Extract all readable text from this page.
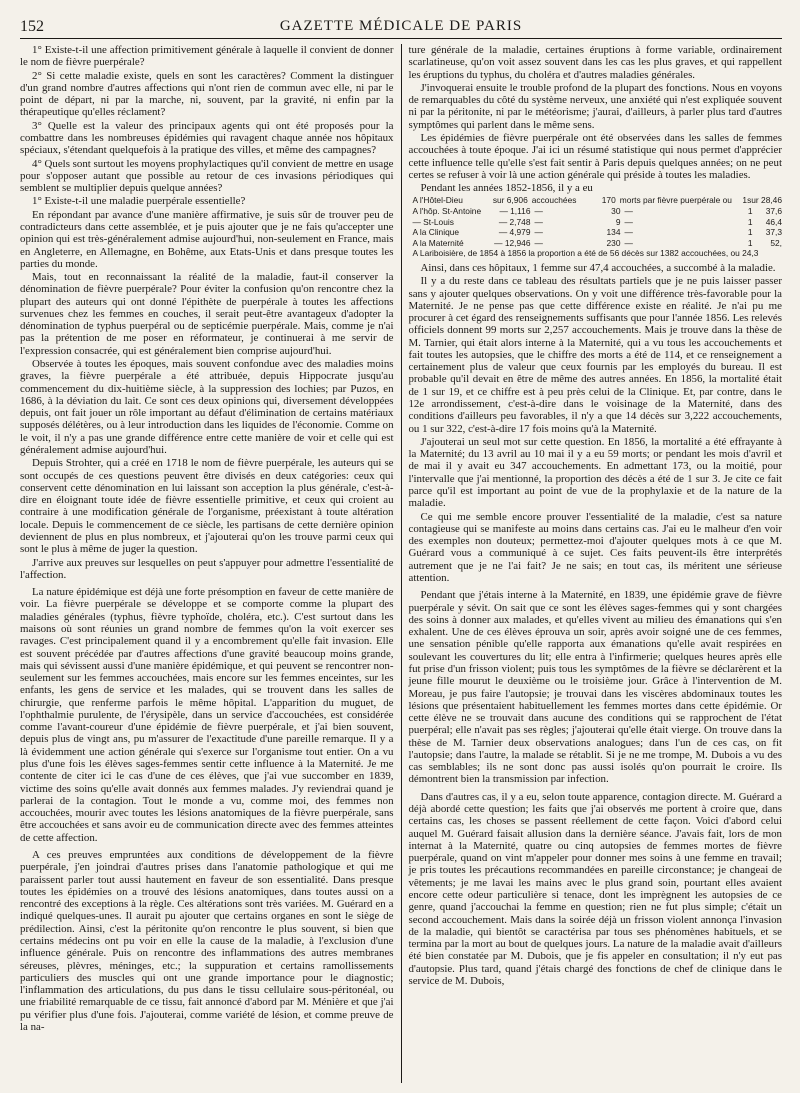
152	GAZETTE MÉDICALE DE PARIS

1° Existe-t-il une affection primitivement générale à laquelle il convient de donner le nom de fièvre puerpérale?

2° Si cette maladie existe, quels en sont les caractères? Comment la distinguer d'un grand nombre d'autres affections qui n'ont rien de commun avec elle, ni par le point de départ, ni par la marche, ni, souvent, par la gravité, ni enfin par la thérapeutique qu'elles réclament?

3° Quelle est la valeur des principaux agents qui ont été proposés pour la combattre dans les nombreuses épidémies qui ravagent chaque année nos hôpitaux spéciaux, s'étendant quelquefois à la pratique des villes, et même des campagnes?

4° Quels sont surtout les moyens prophylactiques qu'il convient de mettre en usage pour s'opposer autant que possible au retour de ces invasions périodiques qui semblent se multiplier depuis quelque années?

1° Existe-t-il une maladie puerpérale essentielle?

En répondant par avance d'une manière affirmative, je suis sûr de trouver peu de contradicteurs dans cette assemblée, et je puis ajouter que je ne fais qu'accepter une opinion qui est très-généralement admise aujourd'hui, non-seulement en France, mais en Angleterre, en Allemagne, en Bohême, aux Etats-Unis et dans presque toutes les parties du monde.

Mais, tout en reconnaissant la réalité de la maladie, faut-il conserver la dénomination de fièvre puerpérale? Pour éviter la confusion qu'on rencontre chez la plupart des auteurs qui ont donné l'épithète de puerpérale à toutes les affections survenues chez les femmes en couches, il serait peut-être avantageux d'adopter la dénomination de typhus puerpéral ou de septicémie puerpérale. Mais, comme je n'ai pas la prétention de me poser en réformateur, je continuerai à me servir de l'expression consacrée, qui est généralement bien comprise aujourd'hui.

Observée à toutes les époques, mais souvent confondue avec des maladies moins graves, la fièvre puerpérale a été attribuée, depuis Hippocrate jusqu'au commencement du dix-huitième siècle, à la suppression des lochies; par Puzos, en 1686, à la déviation du lait. Ce sont ces deux opinions qui, diversement développées depuis, ont fait jouer un rôle important au défaut d'élimination de certains matériaux supposés délétères, ou à leur introduction dans les liquides de l'économie. Comme on le voit, il n'y a pas une grande différence entre cette manière de voir et celle qui est généralement admise aujourd'hui.

Depuis Strohter, qui a créé en 1718 le nom de fièvre puerpérale, les auteurs qui se sont occupés de ces questions peuvent être divisés en deux catégories: ceux qui conservent cette dénomination en lui laissant son acception la plus générale, c'est-à-dire en éloignant toute idée de fièvre essentielle primitive, et ceux qui croient au contraire à une modification générale de l'organisme, préexistant à toute altération locale. Depuis le commencement de ce siècle, les partisans de cette dernière opinion deviennent de plus en plus nombreux, et j'ajouterai qu'on les trouve parmi ceux qui sont le plus à même de juger la question.

J'arrive aux preuves sur lesquelles on peut s'appuyer pour admettre l'essentialité de l'affection.

La nature épidémique est déjà une forte présomption en faveur de cette manière de voir. La fièvre puerpérale se développe et se comporte comme la plupart des maladies générales (typhus, fièvre typhoïde, choléra, etc.). C'est surtout dans les maisons où sont réunies un grand nombre de femmes qu'on la voit exercer ses ravages. C'est principalement quand il y a encombrement qu'elle fait invasion. Elle est souvent précédée par d'autres affections d'une gravité beaucoup moins grande, mais qui sévissent aussi d'une manière épidémique, et qui peuvent se rencontrer non-seulement sur les femmes accouchées, mais encore sur les femmes enceintes, sur les enfants, les gens de service et les malades, qui se trouvent dans les salles de chirurgie, que renferme parfois le même hôpital. L'apparition du muguet, de l'ophthalmie purulente, de l'érysipèle, dans un service d'accouchées, est considérée comme l'avant-coureur d'une épidémie de fièvre puerpérale, et j'ai bien souvent, depuis plus de vingt ans, pu m'assurer de l'exactitude d'une pareille remarque. Il y a là évidemment une action générale qui s'exerce sur l'organisme tout entier. On a vu plus d'une fois les élèves sages-femmes sentir cette influence à la Maternité. Je me contente de citer ici le cas d'une de ces élèves, que j'ai vue succomber en 1839, victime des soins qu'elle avait donnés aux femmes malades. J'y reviendrai quand je parlerai de la contagion. Tout le monde a vu, comme moi, des femmes non accouchées, mourir avec toutes les lésions anatomiques de la fièvre puerpérale, sans être accouchées et sans avoir eu de communication directe avec des femmes atteintes de cette affection.

A ces preuves empruntées aux conditions de développement de la fièvre puerpérale, j'en joindrai d'autres prises dans l'anatomie pathologique et qui me paraissent parler tout aussi hautement en faveur de son essentialité. Dans presque toutes les épidémies on a trouvé des lésions anatomiques, dans toutes aussi on a rencontré des exceptions à la règle. Ces altérations sont très variées. M. Guérard en a indiqué quelques-unes. Il aurait pu ajouter que certains organes en sont le siège de prédilection. Ainsi, c'est la péritonite qu'on rencontre le plus souvent, si bien que certains médecins ont pu voir en elle la cause de la maladie, à l'exclusion d'une influence générale. Puis on rencontre des inflammations des autres membranes séreuses, plèvres, méninges, etc.; la suppuration et certains ramollissements particuliers des muscles qui ont une grande importance pour le diagnostic; l'inflammation des articulations, du pus dans le tissu cellulaire sous-péritonéal, ou une friabilité remarquable de ce tissu, fait annoncé d'abord par M. Ménière et que j'ai pu vérifier plus d'une fois. J'ajouterai, comme variété de lésion, et comme preuve de la na-

ture générale de la maladie, certaines éruptions à forme variable, ordinairement scarlatineuse, qu'on voit assez souvent dans les cas les plus graves, et qui rappellent les éruptions du typhus, du choléra et d'autres maladies générales.

J'invoquerai ensuite le trouble profond de la plupart des fonctions. Nous en voyons de remarquables du côté du système nerveux, une anxiété qui n'est expliquée souvent ni par la péritonite, ni par le météorisme; j'aurai, d'ailleurs, à parler plus tard d'autres symptômes qui parlent dans le même sens.

Les épidémies de fièvre puerpérale ont été observées dans les salles de femmes accouchées à toute époque. J'ai ici un résumé statistique qui nous permet d'apprécier cette influence telle qu'elle s'est fait sentir à Paris depuis quelques années; on ne peut certes se refuser à voir là une action générale qui préside à toutes les maladies.

Pendant les années 1852-1856, il y a eu

A l'Hôtel-Dieu	sur 6,906 accouchées	170 morts par fièvre puerpérale ou	1 sur 28,46
A l'hôp. St-Antoine	— 1,116 —	30 —	1	37,6
— St-Louis	— 2,748 —	9 —	1	46,4
A la Clinique	— 4,979 —	134 —	1	37,3
A la Maternité	— 12,946 —	230 —	1	52,
A Lariboisière, de 1854 à 1856 la proportion a été de 56 décès sur 1382 accouchées, ou 24,3

Ainsi, dans ces hôpitaux, 1 femme sur 47,4 accouchées, a succombé à la maladie.

Il y a du reste dans ce tableau des résultats partiels que je ne puis laisser passer sans y ajouter quelques observations. On y voit une différence très-favorable pour la Maternité. Je ne pense pas que cette différence existe en réalité. Je n'ai pu me procurer à cet égard des renseignements suffisants que pour l'année 1856. Les relevés officiels donnent 99 morts sur 2,257 accouchements. Mais je trouve dans la thèse de M. Tarnier, qui était alors interne à la Maternité, qui a vu tous les accouchements et fait toutes les autopsies, que le chiffre des morts a été de 114, et ce renseignement a certainement plus de valeur que ceux fournis par les employés du bureau. Il est probable qu'il devait en être de même des autres années. En 1856, la mortalité était de 1 sur 19, et ce chiffre est à peu près celui de la Clinique. Et, par contre, dans le 12e arrondissement, c'est-à-dire dans le voisinage de la Maternité, dans des conditions d'ailleurs peu favorables, il n'y a que 14 décès sur 3,222 accouchements, ou 1 sur 322, c'est-à-dire 17 fois moins qu'à la Maternité.

J'ajouterai un seul mot sur cette question. En 1856, la mortalité a été effrayante à la Maternité; du 13 avril au 10 mai il y a eu 59 morts; or pendant les mois d'avril et de mai il y avait eu 347 accouchements. En admettant 173, ou la moitié, pour l'intervalle que j'ai mentionné, la proportion des décès a été de 1 sur 3. Je cite ce fait parce qu'il est important au point de vue de la prophylaxie et de la nature de la maladie.

Ce qui me semble encore prouver l'essentialité de la maladie, c'est sa nature contagieuse qui se manifeste au moins dans certains cas. J'ai eu le malheur d'en voir des exemples non douteux; permettez-moi d'ajouter quelques mots à ce que M. Guérard vous a communiqué à ce sujet. Ces faits peuvent-ils être interprétés autrement que je ne l'ai fait? Je ne sais; en tout cas, ils méritent une sérieuse attention.

Pendant que j'étais interne à la Maternité, en 1839, une épidémie grave de fièvre puerpérale y sévit. On sait que ce sont les élèves sages-femmes qui y sont chargées des soins à donner aux malades, et qu'elles vivent au milieu des émanations qui s'en exhalent. Une de ces élèves éprouva un soir, après avoir soigné une de ces femmes, une sensation pénible qu'elle rapporta aux émanations qu'elle avait respirées en soulevant les couvertures du lit; elle entra à l'infirmerie; quelques heures après elle fut prise d'un frisson violent; puis tous les symptômes de la fièvre se déclarèrent et la jeune fille mourut le deuxième ou le troisième jour. Grâce à l'intervention de M. Moreau, je pus faire l'autopsie; je trouvai dans les viscères abdominaux toutes les lésions que présentaient habituellement les femmes mortes dans cette épidémie. Or cette élève ne se trouvait dans aucune des conditions qui se rapprochent de l'état puerpéral; elle n'avait pas ses règles; j'ajouterai qu'elle était vierge. On trouve dans la thèse de M. Tarnier deux observations analogues; dans l'un de ces cas, on fit l'autopsie; dans l'autre, la malade se rétablit. Si je ne me trompe, M. Dubois a vu des cas semblables; ils ne sont donc pas aussi isolés qu'on pourrait le croire. Ils démontrent bien la transmission par infection.

Dans d'autres cas, il y a eu, selon toute apparence, contagion directe. M. Guérard a déjà abordé cette question; les faits que j'ai observés me portent à croire que, dans certains cas, les choses se passent réellement de cette façon. Voici d'abord celui auquel M. Guérard faisait allusion dans la dernière séance. J'avais fait, lors de mon internat à la Maternité, quatre ou cinq autopsies de femmes mortes de fièvre puerpérale, quand on vint m'appeler pour donner mes soins à une femme en travail; je pris toutes les précautions recommandées en pareille circonstance; je changeai de vêtements; je me lavai les mains avec le plus grand soin, pourtant elles avaient encore cette odeur particulière si tenace, dont les imprègnent les autopsies de ce genre, quand j'accouchai la femme en question; rien ne fut plus simple; c'était un second accouchement. Mais dans la soirée déjà un frisson violent annonça l'invasion de la maladie, qui bientôt se caractérisa par tous ses phénomènes habituels, et se termina par la mort au bout de quelques jours. La nature de la maladie avait d'ailleurs été bien constatée par M. Dubois, que je fis appeler en consultation; il n'y eut pas d'autopsie. Plus tard, quand j'étais chargé des fonctions de chef de clinique dans le service de M. Dubois,
